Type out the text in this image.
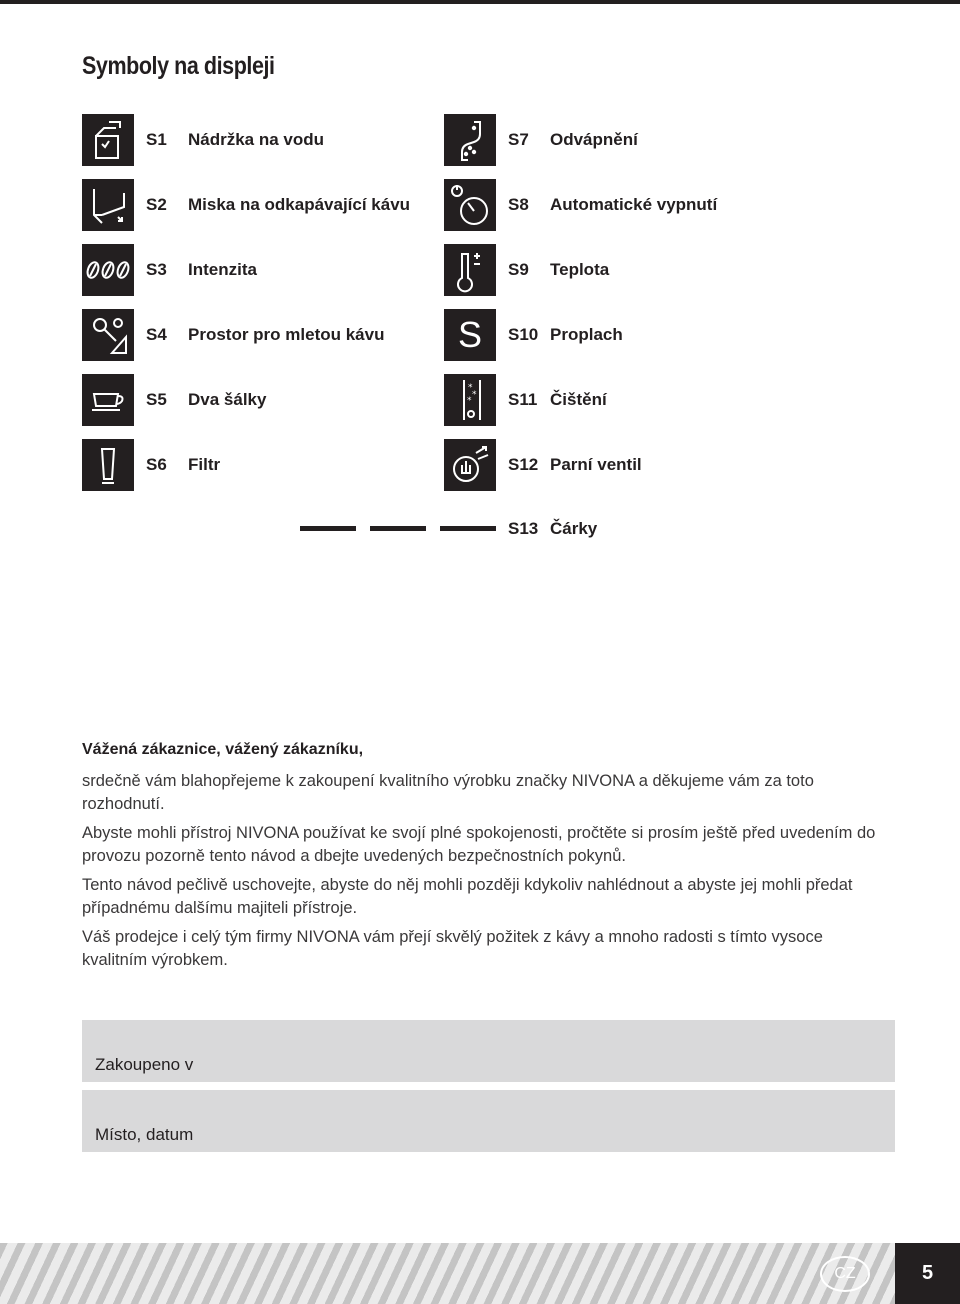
Symboly na displeji
S1 Nádržka na vodu
S2 Miska na odkapávající kávu
S3 Intenzita
S4 Prostor pro mletou kávu
S5 Dva šálky
S6 Filtr
S7 Odvápnění
S8 Automatické vypnutí
S9 Teplota
S	S10 Proplach
*
*
* S11 Čištění
S12 Parní ventil
S13 Čárky

Vážená zákaznice, vážený zákazníku,

srdečně vám blahopřejeme k zakoupení kvalitního výrobku značky NIVONA a děkujeme vám za toto rozhodnutí.

Abyste mohli přístroj NIVONA používat ke svojí plné spokojenosti, pročtěte si prosím ještě před uvedením do provozu pozorně tento návod a dbejte uvedených bezpečnostních pokynů.

Tento návod pečlivě uschovejte, abyste do něj mohli později kdykoliv nahlédnout a abyste jej mohli předat případnému dalšímu majiteli přístroje.

Váš prodejce i celý tým firmy NIVONA vám přejí skvělý požitek z kávy a mnoho radosti s tímto vysoce kvalitním výrobkem.

Zakoupeno v
Místo, datum
CZ	5
